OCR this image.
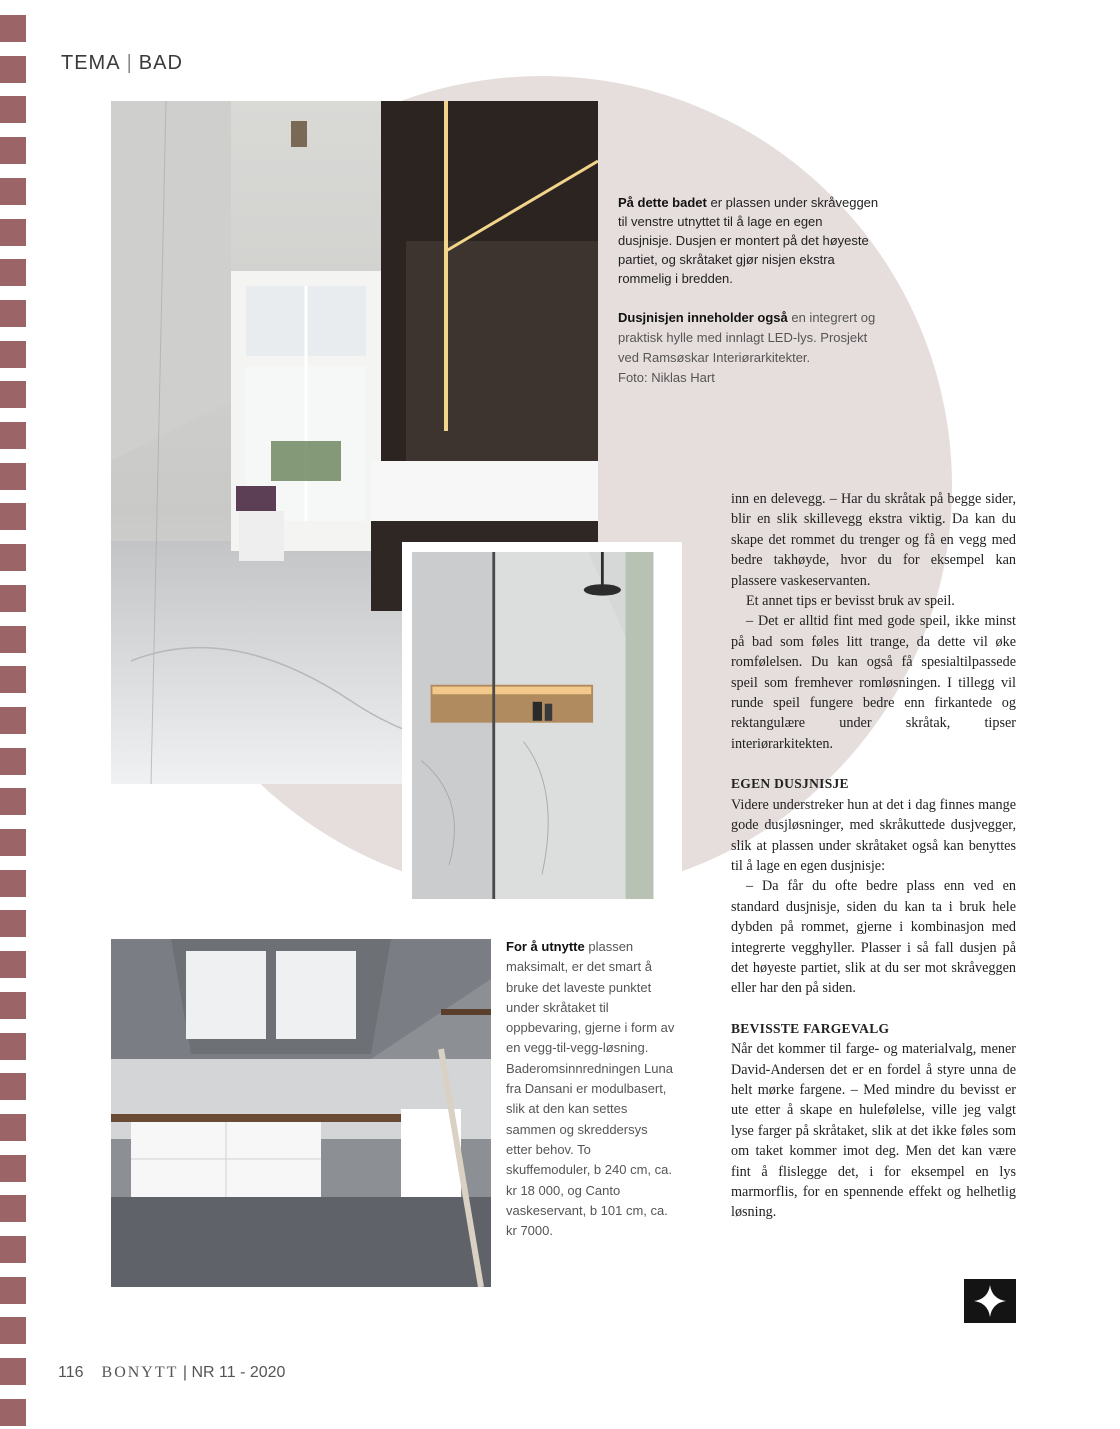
TEMA | BAD

På dette badet er plassen under skråveggen til venstre utnyttet til å lage en egen dusjnisje. Dusjen er montert på det høyeste partiet, og skråtaket gjør nisjen ekstra rommelig i bredden.

Dusjnisjen inneholder også en integrert og praktisk hylle med innlagt LED-lys. Prosjekt ved Ramsøskar Interiørarkitekter.

Foto: Niklas Hart

For å utnytte plassen maksimalt, er det smart å bruke det laveste punktet under skråtaket til oppbevaring, gjerne i form av en vegg-til-vegg-løsning. Baderomsinnredningen Luna fra Dansani er modulbasert, slik at den kan settes sammen og skreddersys etter behov. To skuffemoduler, b 240 cm, ca. kr 18 000, og Canto vaskeservant, b 101 cm, ca. kr 7000.

inn en delevegg. – Har du skråtak på begge sider, blir en slik skillevegg ekstra viktig. Da kan du skape det rommet du trenger og få en vegg med bedre takhøyde, hvor du for eksempel kan plassere vaskeservanten.

Et annet tips er bevisst bruk av speil.

– Det er alltid fint med gode speil, ikke minst på bad som føles litt trange, da dette vil øke romfølelsen. Du kan også få spesialtilpassede speil som fremhever romløsningen. I tillegg vil runde speil fungere bedre enn firkantede og rektangulære under skråtak, tipser interiørarkitekten.

EGEN DUSJNISJE

Videre understreker hun at det i dag finnes mange gode dusjløsninger, med skråkuttede dusjvegger, slik at plassen under skråtaket også kan benyttes til å lage en egen dusjnisje:

– Da får du ofte bedre plass enn ved en standard dusjnisje, siden du kan ta i bruk hele dybden på rommet, gjerne i kombinasjon med integrerte vegghyller. Plasser i så fall dusjen på det høyeste partiet, slik at du ser mot skråveggen eller har den på siden.

BEVISSTE FARGEVALG

Når det kommer til farge- og materialvalg, mener David-Andersen det er en fordel å styre unna de helt mørke fargene. – Med mindre du bevisst er ute etter å skape en hulefølelse, ville jeg valgt lyse farger på skråtaket, slik at det ikke føles som om taket kommer imot deg. Men det kan være fint å flislegge det, i for eksempel en lys marmorflis, for en spennende effekt og helhetlig løsning.

116 BONYTT | NR 11 - 2020
